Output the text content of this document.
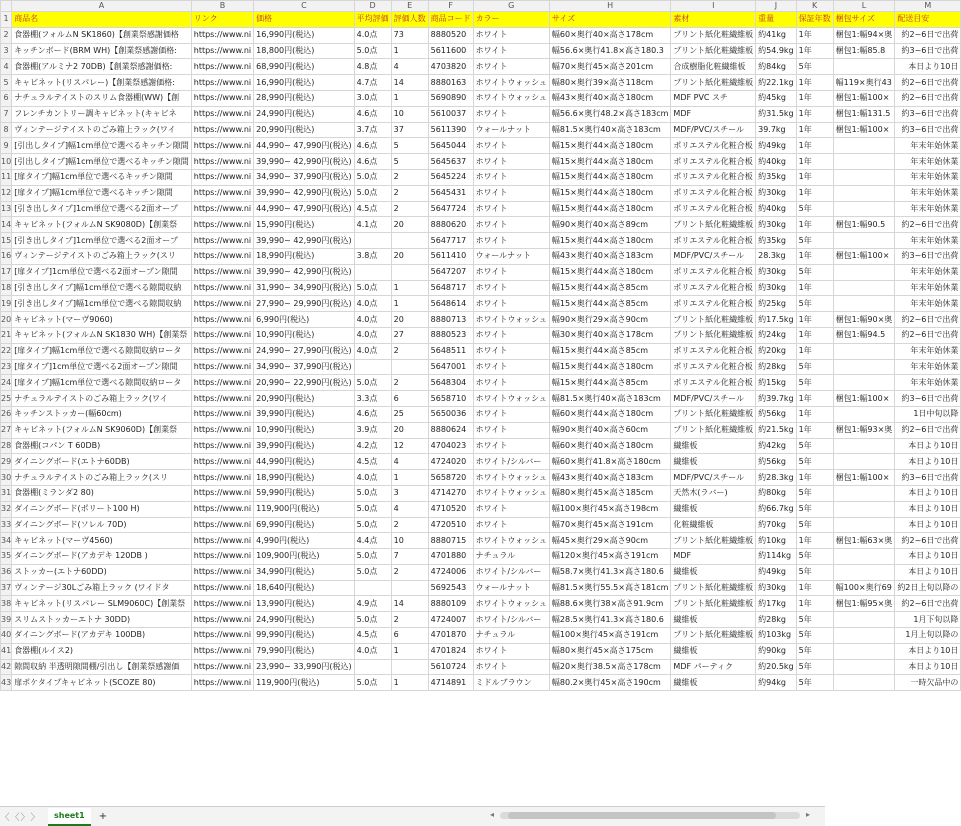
	A	B	C	D	E	F	G	H	I	J	K	L	M
1	商品名	リンク	価格	平均評価	評価人数	商品コード	カラー	サイズ	素材	重量	保証年数	梱包サイズ	配送目安
2	食器棚(フォルムN SK1860)【創業祭感謝価格	https://www.ni	16,990円(税込)	4.0点	73	8880520	ホワイト	幅60×奥行40×高さ178cm	プリント紙化粧繊維板	約41kg	1年	梱包1:幅94×奥	約2~6日で出荷
3	キッチンボード(BRM WH)【創業祭感謝価格:	https://www.ni	18,800円(税込)	5.0点	1	5611600	ホワイト	幅56.6×奥行41.8×高さ180.3	プリント紙化粧繊維板	約54.9kg	1年	梱包1:幅85.8	約3~6日で出荷
4	食器棚(アルミナ2 70DB)【創業祭感謝価格:	https://www.ni	68,990円(税込)	4.8点	4	4703820	ホワイト	幅70×奥行45×高さ201cm	合成樹脂化粧繊維板	約84kg	5年		本日より10日
5	キャビネット(リスパレー)【創業祭感謝価格:	https://www.ni	16,990円(税込)	4.7点	14	8880163	ホワイトウォッシュ	幅80×奥行39×高さ118cm	プリント紙化粧繊維板	約22.1kg	1年	幅119×奥行43	約2~6日で出荷
6	ナチュラルテイストのスリム食器棚(WW)【創	https://www.ni	28,990円(税込)	3.0点	1	5690890	ホワイトウォッシュ	幅43×奥行40×高さ180cm	MDF PVC スチ	約45kg	1年	梱包1:幅100×	約2~6日で出荷
7	フレンチカントリー調キャビネット(キャビネ	https://www.ni	24,990円(税込)	4.6点	10	5610037	ホワイト	幅56.6×奥行48.2×高さ183cm	MDF	約31.5kg	1年	梱包1:幅131.5	約3~6日で出荷
8	ヴィンテージテイストのごみ箱上ラック(ワイ	https://www.ni	20,990円(税込)	3.7点	37	5611390	ウォールナット	幅81.5×奥行40×高さ183cm	MDF/PVC/スチール	39.7kg	1年	梱包1:幅100×	約3~6日で出荷
9	[引出しタイプ]幅1cm単位で選べるキッチン隙間	https://www.ni	44,990~ 47,990円(税込)	4.6点	5	5645044	ホワイト	幅15×奥行44×高さ180cm	ポリエステル化粧合板	約49kg	1年		年末年始休業
10	[引出しタイプ]幅1cm単位で選べるキッチン隙間	https://www.ni	39,990~ 42,990円(税込)	4.6点	5	5645637	ホワイト	幅15×奥行44×高さ180cm	ポリエステル化粧合板	約40kg	1年		年末年始休業
11	[扉タイプ]幅1cm単位で選べるキッチン隙間	https://www.ni	34,990~ 37,990円(税込)	5.0点	2	5645224	ホワイト	幅15×奥行44×高さ180cm	ポリエステル化粧合板	約35kg	1年		年末年始休業
12	[扉タイプ]幅1cm単位で選べるキッチン隙間	https://www.ni	39,990~ 42,990円(税込)	5.0点	2	5645431	ホワイト	幅15×奥行44×高さ180cm	ポリエステル化粧合板	約30kg	1年		年末年始休業
13	[引き出しタイプ]1cm単位で選べる2面オープ	https://www.ni	44,990~ 47,990円(税込)	4.5点	2	5647724	ホワイト	幅15×奥行44×高さ180cm	ポリエステル化粧合板	約40kg	5年		年末年始休業
14	キャビネット(フォルムN SK9080D)【創業祭	https://www.ni	15,990円(税込)	4.1点	20	8880620	ホワイト	幅90×奥行40×高さ89cm	プリント紙化粧繊維板	約30kg	1年	梱包1:幅90.5	約2~6日で出荷
15	[引き出しタイプ]1cm単位で選べる2面オープ	https://www.ni	39,990~ 42,990円(税込)			5647717	ホワイト	幅15×奥行44×高さ180cm	ポリエステル化粧合板	約35kg	5年		年末年始休業
16	ヴィンテージテイストのごみ箱上ラック(スリ	https://www.ni	18,990円(税込)	3.8点	20	5611410	ウォールナット	幅43×奥行40×高さ183cm	MDF/PVC/スチール	28.3kg	1年	梱包1:幅100×	約3~6日で出荷
17	[扉タイプ]1cm単位で選べる2面オープン隙間	https://www.ni	39,990~ 42,990円(税込)			5647207	ホワイト	幅15×奥行44×高さ180cm	ポリエステル化粧合板	約30kg	5年		年末年始休業
18	[引き出しタイプ]幅1cm単位で選べる隙間収納	https://www.ni	31,990~ 34,990円(税込)	5.0点	1	5648717	ホワイト	幅15×奥行44×高さ85cm	ポリエステル化粧合板	約30kg	1年		年末年始休業
19	[引き出しタイプ]幅1cm単位で選べる隙間収納	https://www.ni	27,990~ 29,990円(税込)	4.0点	1	5648614	ホワイト	幅15×奥行44×高さ85cm	ポリエステル化粧合板	約25kg	5年		年末年始休業
20	キャビネット(マーヴ9060)	https://www.ni	6,990円(税込)	4.0点	20	8880713	ホワイトウォッシュ	幅90×奥行29×高さ90cm	プリント紙化粧繊維板	約17.5kg	1年	梱包1:幅90×奥	約2~6日で出荷
21	キャビネット(フォルムN SK1830 WH)【創業祭	https://www.ni	10,990円(税込)	4.0点	27	8880523	ホワイト	幅30×奥行40×高さ178cm	プリント紙化粧繊維板	約24kg	1年	梱包1:幅94.5	約2~6日で出荷
22	[扉タイプ]幅1cm単位で選べる隙間収納ロータ	https://www.ni	24,990~ 27,990円(税込)	4.0点	2	5648511	ホワイト	幅15×奥行44×高さ85cm	ポリエステル化粧合板	約20kg	1年		年末年始休業
23	[扉タイプ]1cm単位で選べる2面オープン隙間	https://www.ni	34,990~ 37,990円(税込)			5647001	ホワイト	幅15×奥行44×高さ180cm	ポリエステル化粧合板	約28kg	5年		年末年始休業
24	[扉タイプ]幅1cm単位で選べる隙間収納ロータ	https://www.ni	20,990~ 22,990円(税込)	5.0点	2	5648304	ホワイト	幅15×奥行44×高さ85cm	ポリエステル化粧合板	約15kg	5年		年末年始休業
25	ナチュラルテイストのごみ箱上ラック(ワイ	https://www.ni	20,990円(税込)	3.3点	6	5658710	ホワイトウォッシュ	幅81.5×奥行40×高さ183cm	MDF/PVC/スチール	約39.7kg	1年	梱包1:幅100×	約3~6日で出荷
26	キッチンストッカー(幅60cm)	https://www.ni	39,990円(税込)	4.6点	25	5650036	ホワイト	幅60×奥行44×高さ180cm	プリント紙化粧繊維板	約56kg	1年		1日中旬以降
27	キャビネット(フォルムN SK9060D)【創業祭	https://www.ni	10,990円(税込)	3.9点	20	8880624	ホワイト	幅90×奥行40×高さ60cm	プリント紙化粧繊維板	約21.5kg	1年	梱包1:幅93×奥	約2~6日で出荷
28	食器棚(コパン T 60DB)	https://www.ni	39,990円(税込)	4.2点	12	4704023	ホワイト	幅60×奥行40×高さ180cm	繊維板	約42kg	5年		本日より10日
29	ダイニングボード(エトナ60DB)	https://www.ni	44,990円(税込)	4.5点	4	4724020	ホワイト/シルバー	幅60×奥行41.8×高さ180cm	繊維板	約56kg	5年		本日より10日
30	ナチュラルテイストのごみ箱上ラック(スリ	https://www.ni	18,990円(税込)	4.0点	1	5658720	ホワイトウォッシュ	幅43×奥行40×高さ183cm	MDF/PVC/スチール	約28.3kg	1年	梱包1:幅100×	約3~6日で出荷
31	食器棚(ミランダ2 80)	https://www.ni	59,990円(税込)	5.0点	3	4714270	ホワイトウォッシュ	幅80×奥行45×高さ185cm	天然木(ラバー)	約80kg	5年		本日より10日
32	ダイニングボード(ポリート100 H)	https://www.ni	119,900円(税込)	5.0点	4	4710520	ホワイト	幅100×奥行45×高さ198cm	繊維板	約66.7kg	5年		本日より10日
33	ダイニングボード(ソレル 70D)	https://www.ni	69,990円(税込)	5.0点	2	4720510	ホワイト	幅70×奥行45×高さ191cm	化粧繊維板	約70kg	5年		本日より10日
34	キャビネット(マーヴ4560)	https://www.ni	4,990円(税込)	4.4点	10	8880715	ホワイトウォッシュ	幅45×奥行29×高さ90cm	プリント紙化粧繊維板	約10kg	1年	梱包1:幅63×奥	約2~6日で出荷
35	ダイニングボード(アカデキ 120DB )	https://www.ni	109,900円(税込)	5.0点	7	4701880	ナチュラル	幅120×奥行45×高さ191cm	MDF	約114kg	5年		本日より10日
36	ストッカー(エトナ60DD)	https://www.ni	34,990円(税込)	5.0点	2	4724006	ホワイト/シルバー	幅58.7×奥行41.3×高さ180.6	繊維板	約49kg	5年		本日より10日
37	ヴィンテージ30Lごみ箱上ラック (ワイドタ	https://www.ni	18,640円(税込)			5692543	ウォールナット	幅81.5×奥行55.5×高さ181cm	プリント紙化粧繊維板	約30kg	1年	幅100×奥行69	約2日上旬以降の
38	キャビネット(リスパレー SLM9060C)【創業祭	https://www.ni	13,990円(税込)	4.9点	14	8880109	ホワイトウォッシュ	幅88.6×奥行38×高さ91.9cm	プリント紙化粧繊維板	約17kg	1年	梱包1:幅95×奥	約2~6日で出荷
39	スリムストッカーエトナ 30DD)	https://www.ni	24,990円(税込)	5.0点	2	4724007	ホワイト/シルバー	幅28.5×奥行41.3×高さ180.6	繊維板	約28kg	5年		1月下旬以降
40	ダイニングボード(アカデキ 100DB)	https://www.ni	99,990円(税込)	4.5点	6	4701870	ナチュラル	幅100×奥行45×高さ191cm	プリント紙化粧繊維板	約103kg	5年		1月上旬以降の
41	食器棚(ルイス2)	https://www.ni	79,990円(税込)	4.0点	1	4701824	ホワイト	幅80×奥行45×高さ175cm	繊維板	約90kg	5年		本日より10日
42	隙間収納 半透明隙間棚/引出し【創業祭感謝価	https://www.ni	23,990~ 33,990円(税込)			5610724	ホワイト	幅20×奥行38.5×高さ178cm	MDF パーティク	約20.5kg	5年		本日より10日
43	扉ポケタイプキャビネット(SCOZE 80)	https://www.ni	119,900円(税込)	5.0点	1	4714891	ミドルブラウン	幅80.2×奥行45×高さ190cm	繊維板	約94kg	5年		一時欠品中の
〈 〈 〉 〉	sheet1	+	◂	▸
